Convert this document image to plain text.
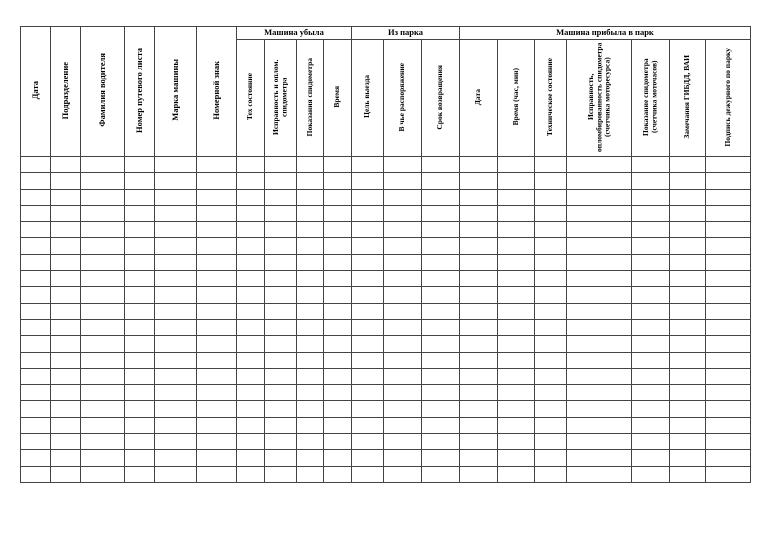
Дата	Подразделение	Фамилия водителя	Номер путевого листа	Марка машины	Номерной знак	Машина убыла				Из парка			Машина прибыла в парк						
						Тех состояние	Исправность и оплом. спидометра	Показания спидометра	Время	Цель выезда	В чье распоряжение	Срок возвращения	Дата	Время (час, мин)	Техническое состояние	Исправность, опломбированность спидометра (счетчика моторесурса)	Показание спидометра (счетчика моточасов)	Замечания ГИБДД, ВАИ	Подпись дежурного по парку
